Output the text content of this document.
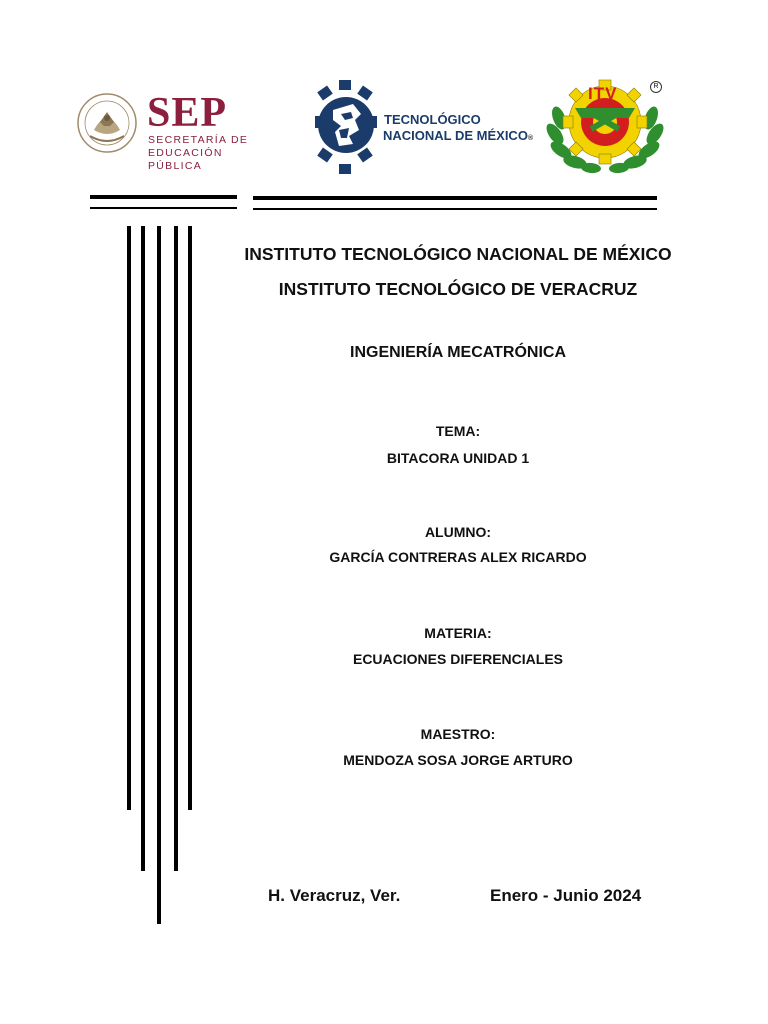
SEP
SECRETARÍA DE
EDUCACIÓN PÚBLICA
TECNOLÓGICO
NACIONAL DE MÉXICO®
ITV	R
INSTITUTO TECNOLÓGICO NACIONAL DE MÉXICO
INSTITUTO TECNOLÓGICO DE VERACRUZ
INGENIERÍA MECATRÓNICA
TEMA:
BITACORA UNIDAD 1
ALUMNO:
GARCÍA CONTRERAS ALEX RICARDO
MATERIA:
ECUACIONES DIFERENCIALES
MAESTRO:
MENDOZA SOSA JORGE ARTURO
H. Veracruz, Ver.	Enero - Junio 2024
